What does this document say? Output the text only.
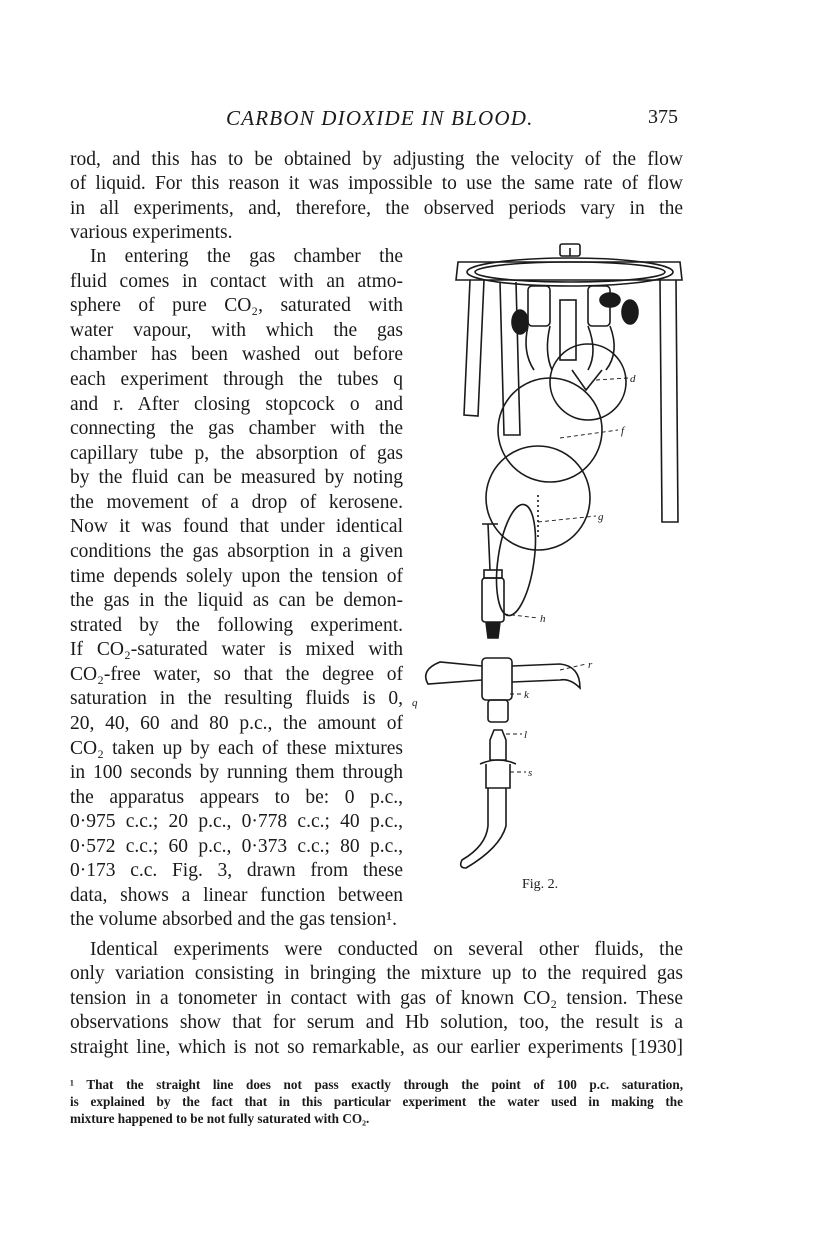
CARBON DIOXIDE IN BLOOD.	375
rod, and this has to be obtained by adjusting the velocity of the flow
of liquid. For this reason it was impossible to use the same rate of flow
in all experiments, and, therefore, the observed periods vary in the
various experiments.
In entering the gas chamber the
fluid comes in contact with an atmo-
sphere of pure CO₂, saturated with
water vapour, with which the gas
chamber has been washed out before
each experiment through the tubes q
and r. After closing stopcock o and
connecting the gas chamber with the
capillary tube p, the absorption of gas
by the fluid can be measured by noting
the movement of a drop of kerosene.
Now it was found that under identical
conditions the gas absorption in a given
time depends solely upon the tension of
the gas in the liquid as can be demon-
strated by the following experiment.
If CO₂-saturated water is mixed with
CO₂-free water, so that the degree of
saturation in the resulting fluids is 0,
20, 40, 60 and 80 p.c., the amount of
CO₂ taken up by each of these mixtures
in 100 seconds by running them through
the apparatus appears to be: 0 p.c.,
0·975 c.c.; 20 p.c., 0·778 c.c.; 40 p.c.,
0·572 c.c.; 60 p.c., 0·373 c.c.; 80 p.c.,
0·173 c.c. Fig. 3, drawn from these
data, shows a linear function between
the volume absorbed and the gas tension¹.
Identical experiments were conducted on several other fluids, the
only variation consisting in bringing the mixture up to the required gas
tension in a tonometer in contact with gas of known CO₂ tension. These
observations show that for serum and Hb solution, too, the result is a
straight line, which is not so remarkable, as our earlier experiments [1930]
¹ That the straight line does not pass exactly through the point of 100 p.c. saturation,
is explained by the fact that in this particular experiment the water used in making the
mixture happened to be not fully saturated with CO₂.
d
f
g
h
r
k
q
l
s
Fig. 2.
